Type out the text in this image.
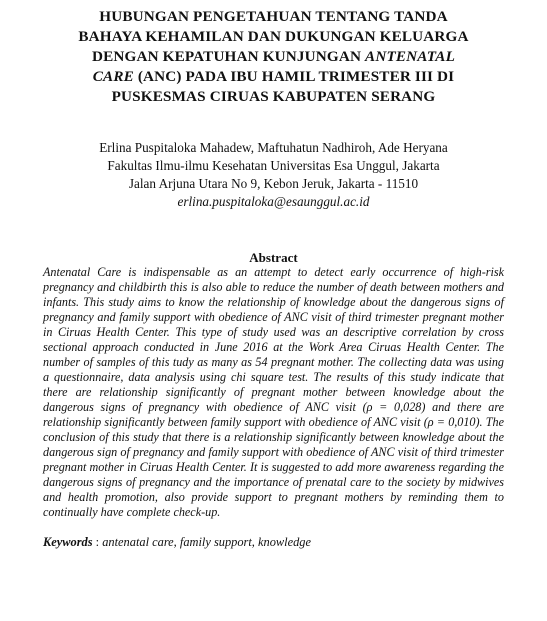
HUBUNGAN PENGETAHUAN TENTANG TANDA
BAHAYA KEHAMILAN DAN DUKUNGAN KELUARGA
DENGAN KEPATUHAN KUNJUNGAN ANTENATAL
CARE (ANC) PADA IBU HAMIL TRIMESTER III DI
PUSKESMAS CIRUAS KABUPATEN SERANG
Erlina Puspitaloka Mahadew, Maftuhatun Nadhiroh, Ade Heryana
Fakultas Ilmu-ilmu Kesehatan Universitas Esa Unggul, Jakarta
Jalan Arjuna Utara No 9, Kebon Jeruk, Jakarta - 11510
erlina.puspitaloka@esaunggul.ac.id
Abstract

Antenatal Care is indispensable as an attempt to detect early occurrence of high-risk pregnancy and childbirth this is also able to reduce the number of death between mothers and infants. This study aims to know the relationship of knowledge about the dangerous signs of pregnancy and family support with obedience of ANC visit of third trimester pregnant mother in Ciruas Health Center. This type of study used was an descriptive correlation by cross sectional approach conducted in June 2016 at the Work Area Ciruas Health Center. The number of samples of this tudy as many as 54 pregnant mother. The collecting data was using a questionnaire, data analysis using chi square test. The results of this study indicate that there are relationship significantly of pregnant mother between knowledge about the dangerous signs of pregnancy with obedience of ANC visit (ρ = 0,028) and there are relationship significantly between family support with obedience of ANC visit (ρ = 0,010). The conclusion of this study that there is a relationship significantly between knowledge about the dangerous sign of pregnancy and family support with obedience of ANC visit of third trimester pregnant mother in Ciruas Health Center. It is suggested to add more awareness regarding the dangerous signs of pregnancy and the importance of prenatal care to the society by midwives and health promotion, also provide support to pregnant mothers by reminding them to continually have complete check-up.

Keywords : antenatal care, family support, knowledge
